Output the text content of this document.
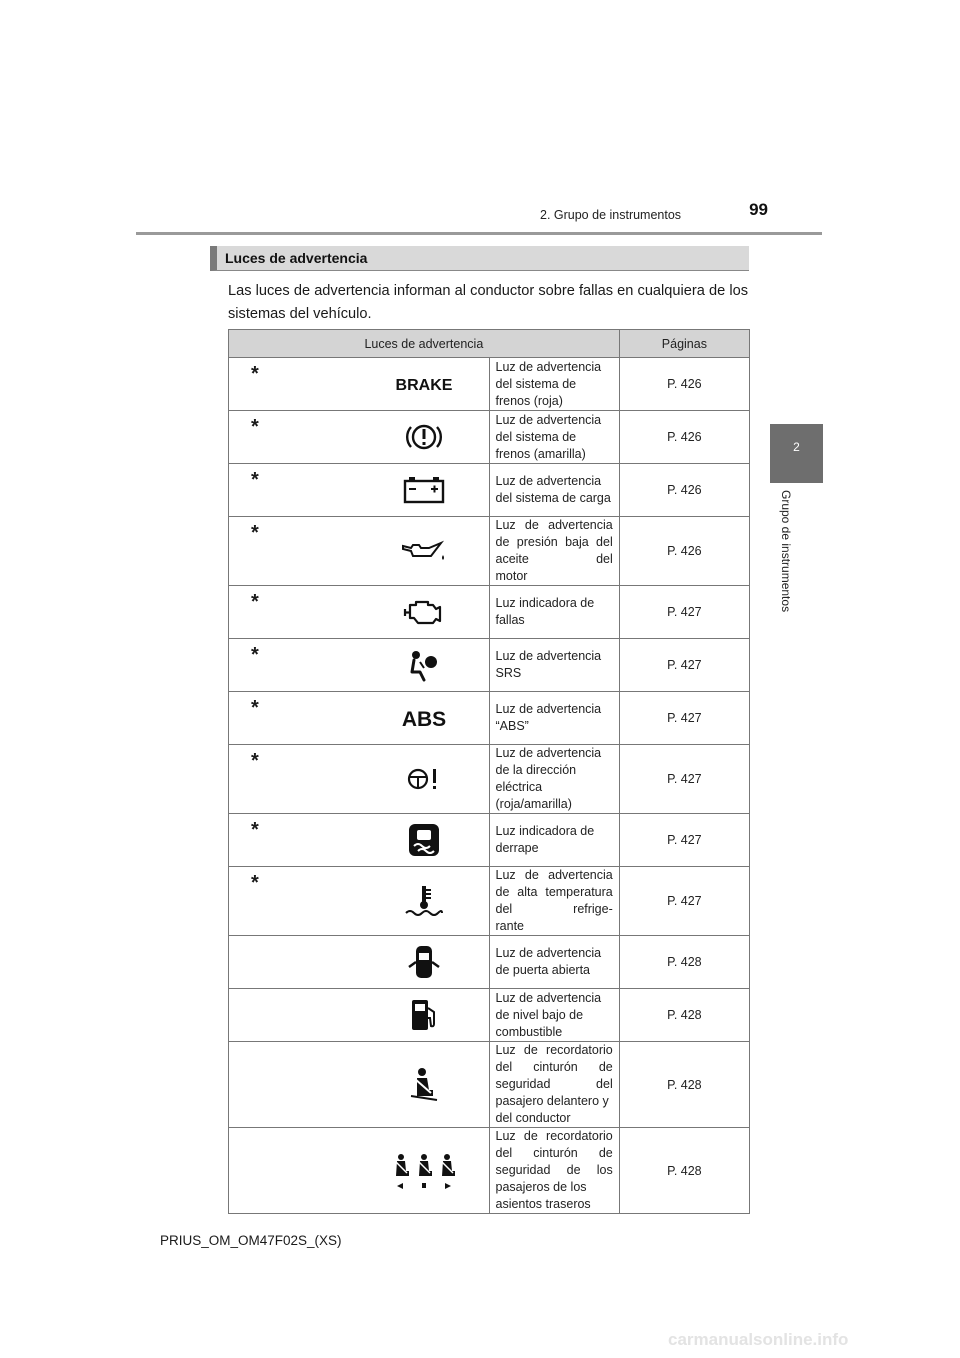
2. Grupo de instrumentos	99
2
Grupo de instrumentos
Luces de advertencia
Las luces de advertencia informan al conductor sobre fallas en cualquiera de los sistemas del vehículo.
Luces de advertencia			Páginas

*	BRAKE	Luz de advertencia del sistema de frenos (roja)	P. 426

*		Luz de advertencia del sistema de frenos (amarilla)	P. 426

*		Luz de advertencia del sistema de carga	P. 426

*		Luz de advertencia de presión baja del aceite del
motor	P. 426

*		Luz indicadora de fallas	P. 427

*		Luz de advertencia SRS	P. 427

*	ABS	Luz de advertencia “ABS”	P. 427

*		Luz de advertencia de la dirección eléctrica
(roja/amarilla)	P. 427

*		Luz indicadora de derrape	P. 427

*		Luz de advertencia de alta temperatura del refrige-
rante	P. 427

	Luz de advertencia de puerta abierta	P. 428

	Luz de advertencia de nivel bajo de combustible	P. 428

	Luz de recordatorio del cinturón de seguridad del
pasajero delantero y del conductor	P. 428

	Luz de recordatorio del cinturón de seguridad de los
pasajeros de los asientos traseros	P. 428
PRIUS_OM_OM47F02S_(XS)
carmanualsonline.info
